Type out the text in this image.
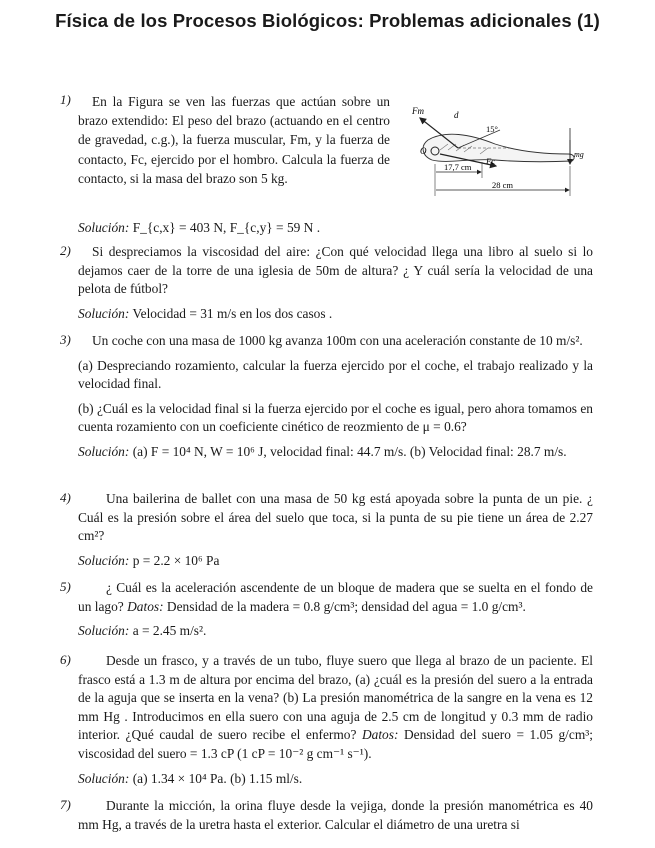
Física de los Procesos Biológicos: Problemas adicionales (1)
1)	En la Figura se ven las fuerzas que actúan sobre un brazo extendido: El peso del brazo (actuando en el centro de gravedad, c.g.), la fuerza muscular, Fm, y la fuerza de contacto, Fc, ejercido por el hombro. Calcula la fuerza de contacto, si la masa del brazo son 5 kg.

Fm	d
15°
O
Fc
mg
17,7 cm
28 cm
Solución: F_{c,x} = 403 N, F_{c,y} = 59 N .
2)	Si despreciamos la viscosidad del aire: ¿Con qué velocidad llega una libro al suelo si lo dejamos caer de la torre de una iglesia de 50m de altura? ¿ Y cuál sería la velocidad de una pelota de fútbol?

Solución: Velocidad = 31 m/s en los dos casos .
3)	Un coche con una masa de 1000 kg avanza 100m con una aceleración constante de 10 m/s².

(a) Despreciando rozamiento, calcular la fuerza ejercido por el coche, el trabajo realizado y la velocidad final.

(b) ¿Cuál es la velocidad final si la fuerza ejercido por el coche es igual, pero ahora tomamos en cuenta rozamiento con un coeficiente cinético de reozmiento de μ = 0.6?

Solución: (a) F = 10⁴ N, W = 10⁶ J, velocidad final: 44.7 m/s. (b) Velocidad final: 28.7 m/s.
4)	Una bailerina de ballet con una masa de 50 kg está apoyada sobre la punta de un pie. ¿ Cuál es la presión sobre el área del suelo que toca, si la punta de su pie tiene un área de 2.27 cm²?

Solución: p = 2.2 × 10⁶ Pa
5)	¿ Cuál es la aceleración ascendente de un bloque de madera que se suelta en el fondo de un lago? Datos: Densidad de la madera = 0.8 g/cm³; densidad del agua = 1.0 g/cm³.

Solución: a = 2.45 m/s².
6)	Desde un frasco, y a través de un tubo, fluye suero que llega al brazo de un paciente. El frasco está a 1.3 m de altura por encima del brazo, (a) ¿cuál es la presión del suero a la entrada de la aguja que se inserta en la vena? (b) La presión manométrica de la sangre en la vena es 12 mm Hg . Introducimos en ella suero con una aguja de 2.5 cm de longitud y 0.3 mm de radio interior. ¿Qué caudal de suero recibe el enfermo? Datos: Densidad del suero = 1.05 g/cm³; viscosidad del suero = 1.3 cP (1 cP = 10⁻² g cm⁻¹ s⁻¹).

Solución: (a) 1.34 × 10⁴ Pa. (b) 1.15 ml/s.
7)	Durante la micción, la orina fluye desde la vejiga, donde la presión manométrica es 40 mm Hg, a través de la uretra hasta el exterior. Calcular el diámetro de una uretra si
